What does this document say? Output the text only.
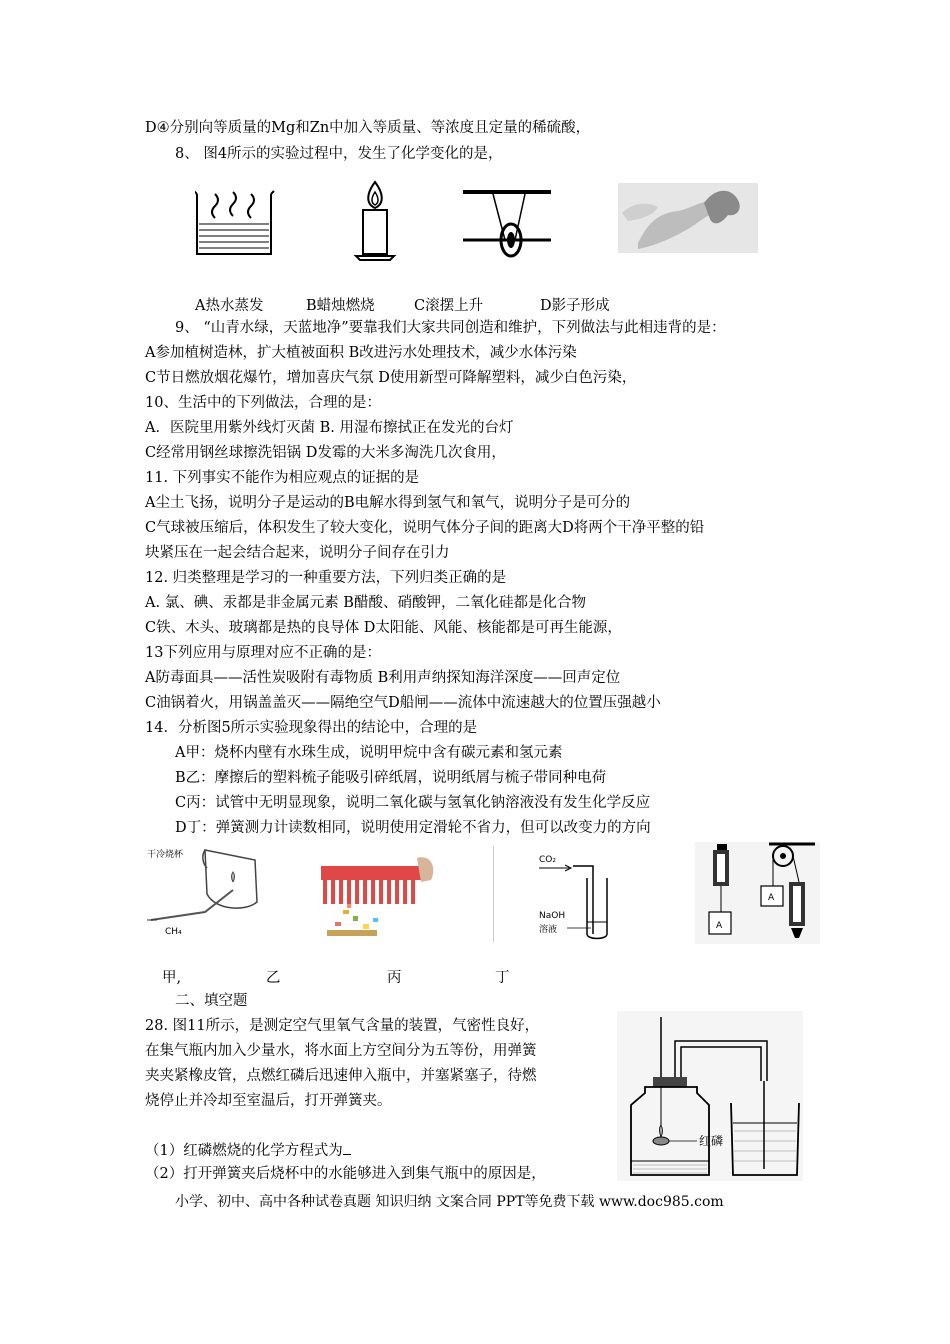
D④分别向等质量的Mg和Zn中加入等质量、等浓度且定量的稀硫酸，
8、 图4所示的实验过程中，发生了化学变化的是，
A热水蒸发	B蜡烛燃烧	C滚摆上升	D影子形成
9、 “山青水绿，天蓝地净”要靠我们大家共同创造和维护，下列做法与此相违背的是：
A参加植树造林，扩大植被面积 B改进污水处理技术，减少水体污染
C节日燃放烟花爆竹，增加喜庆气氛 D使用新型可降解塑料，减少白色污染，
10、生活中的下列做法，合理的是：
A．医院里用紫外线灯灭菌 B. 用湿布擦拭正在发光的台灯
C经常用钢丝球擦洗铝锅 D发霉的大米多淘洗几次食用，
11. 下列事实不能作为相应观点的证据的是
A尘土飞扬，说明分子是运动的B电解水得到氢气和氧气，说明分子是可分的
C气球被压缩后，体积发生了较大变化，说明气体分子间的距离大D将两个干净平整的铅
块紧压在一起会结合起来，说明分子间存在引力
12. 归类整理是学习的一种重要方法，下列归类正确的是
A. 氯、碘、汞都是非金属元素 B醋酸、硝酸钾，二氧化硅都是化合物
C铁、木头、玻璃都是热的良导体 D太阳能、风能、核能都是可再生能源，
13下列应用与原理对应不正确的是：
A防毒面具——活性炭吸附有毒物质 B利用声纳探知海洋深度——回声定位
C油锅着火，用锅盖盖灭——隔绝空气D船闸——流体中流速越大的位置压强越小
14．分析图5所示实验现象得出的结论中，合理的是
A甲：烧杯内壁有水珠生成，说明甲烷中含有碳元素和氢元素
B乙：摩擦后的塑料梳子能吸引碎纸屑，说明纸屑与梳子带同种电荷
C丙：试管中无明显现象，说明二氧化碳与氢氧化钠溶液没有发生化学反应
D丁：弹簧测力计读数相同，说明使用定滑轮不省力，但可以改变力的方向
干冷烧杯
CH₄
CO₂
NaOH
溶液	A
A
甲,	乙	丙	丁
二、填空题
28. 图11所示，是测定空气里氧气含量的装置，气密性良好，
在集气瓶内加入少量水，将水面上方空间分为五等份，用弹簧
夹夹紧橡皮管，点燃红磷后迅速伸入瓶中，并塞紧塞子，待燃
烧停止并冷却至室温后，打开弹簧夹。
红磷
（1）红磷燃烧的化学方程式为
（2）打开弹簧夹后烧杯中的水能够进入到集气瓶中的原因是，
小学、初中、高中各种试卷真题 知识归纳 文案合同 PPT等免费下载 www.doc985.com
